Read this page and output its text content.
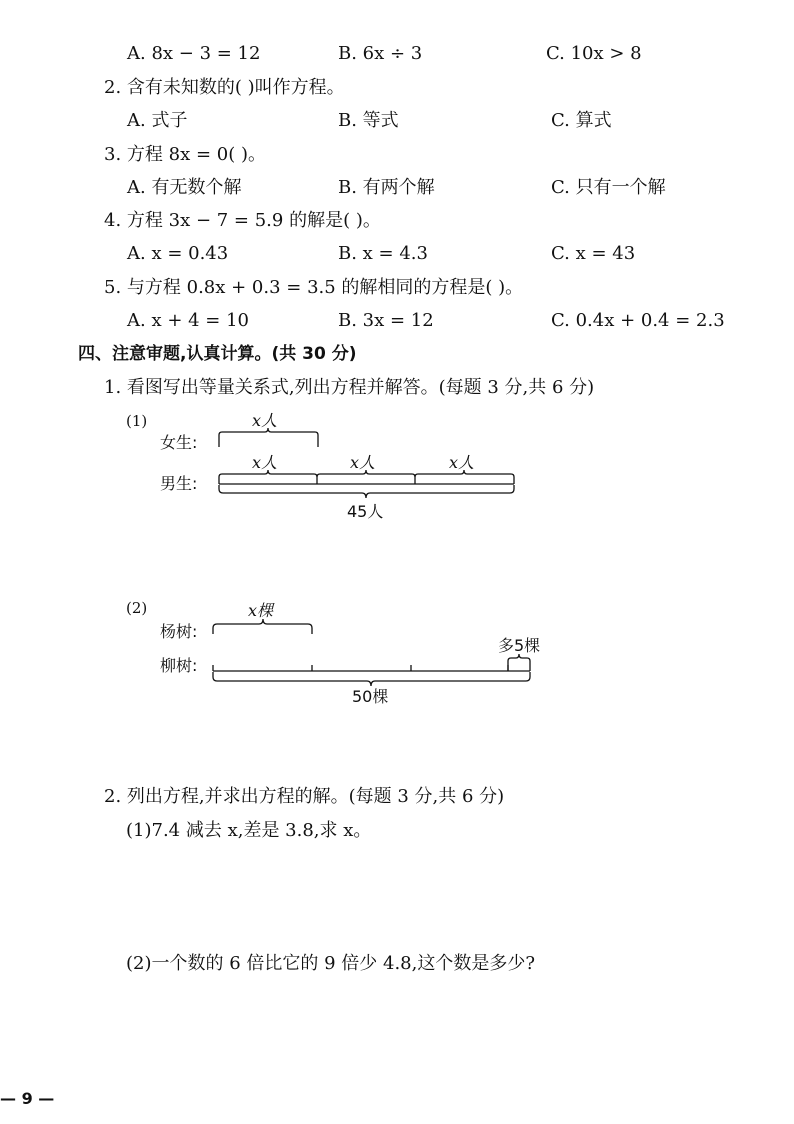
A. 8x − 3 = 12	B. 6x ÷ 3	C. 10x > 8
2. 含有未知数的( )叫作方程。
A. 式子	B. 等式	C. 算式
3. 方程 8x = 0( )。
A. 有无数个解	B. 有两个解	C. 只有一个解
4. 方程 3x − 7 = 5.9 的解是( )。
A. x = 0.43	B. x = 4.3	C. x = 43
5. 与方程 0.8x + 0.3 = 3.5 的解相同的方程是( )。
A. x + 4 = 10	B. 3x = 12	C. 0.4x + 0.4 = 2.3
四、注意审题,认真计算。(共 30 分)
1. 看图写出等量关系式,列出方程并解答。(每题 3 分,共 6 分)
(1)
女生:
男生:
x人
x人	x人	x人
45人
x棵
多5棵
50棵
(2)
杨树:
柳树:
2. 列出方程,并求出方程的解。(每题 3 分,共 6 分)
(1)7.4 减去 x,差是 3.8,求 x。
(2)一个数的 6 倍比它的 9 倍少 4.8,这个数是多少?
— 9 —
